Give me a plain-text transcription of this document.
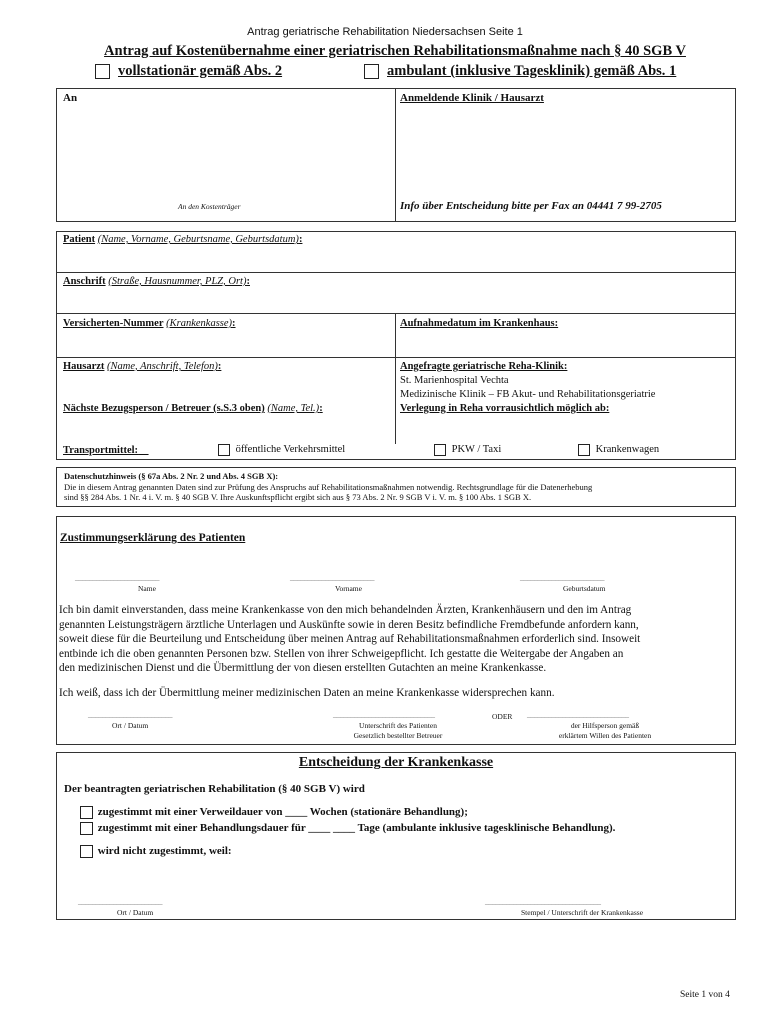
Antrag geriatrische Rehabilitation Niedersachsen Seite 1
Antrag auf Kostenübernahme einer geriatrischen Rehabilitationsmaßnahme nach § 40 SGB V
vollstationär gemäß Abs. 2	ambulant (inklusive Tagesklinik) gemäß Abs. 1
An
An den Kostenträger
Anmeldende Klinik / Hausarzt
Info über Entscheidung bitte per Fax an 04441 7 99-2705
Patient (Name, Vorname, Geburtsname, Geburtsdatum):
Anschrift (Straße, Hausnummer, PLZ, Ort):
Versicherten-Nummer (Krankenkasse):	Aufnahmedatum im Krankenhaus:
Hausarzt (Name, Anschrift, Telefon):	Angefragte geriatrische Reha-Klinik:
St. Marienhospital Vechta
Medizinische Klinik – FB Akut- und Rehabilitationsgeriatrie
Nächste Bezugsperson / Betreuer (s.S.3 oben) (Name, Tel.):	Verlegung in Reha vorrausichtlich möglich ab:
Transportmittel:	öffentliche Verkehrsmittel	PKW / Taxi	Krankenwagen
Datenschutzhinweis (§ 67a Abs. 2 Nr. 2 und Abs. 4 SGB X):
Die in diesem Antrag genannten Daten sind zur Prüfung des Anspruchs auf Rehabilitationsmaßnahmen notwendig. Rechtsgrundlage für die Datenerhebung
sind §§ 284 Abs. 1 Nr. 4 i. V. m. § 40 SGB V. Ihre Auskunftspflicht ergibt sich aus § 73 Abs. 2 Nr. 9 SGB V i. V. m. § 100 Abs. 1 SGB X.
Zustimmungserklärung des Patienten
________________________
Name
________________________
Vorname
________________________
Geburtsdatum
Ich bin damit einverstanden, dass meine Krankenkasse von den mich behandelnden Ärzten, Krankenhäusern und den im Antrag
genannten Leistungsträgern ärztliche Unterlagen und Auskünfte sowie in deren Besitz befindliche Fremdbefunde anfordern kann,
soweit diese für die Beurteilung und Entscheidung über meinen Antrag auf Rehabilitationsmaßnahmen erforderlich sind. Insoweit
entbinde ich die oben genannten Personen bzw. Stellen von ihrer Schweigepflicht. Ich gestatte die Weitergabe der Angaben an
den medizinischen Dienst und die Übermittlung der von diesen erstellten Gutachten an meine Krankenkasse.
Ich weiß, dass ich der Übermittlung meiner medizinischen Daten an meine Krankenkasse widersprechen kann.
________________________
Ort / Datum
_____________________________
Unterschrift des Patienten
Gesetzlich bestellter Betreuer
ODER _____________________________
der Hilfsperson gemäß
erklärtem Willen des Patienten
Entscheidung der Krankenkasse
Der beantragten geriatrischen Rehabilitation (§ 40 SGB V) wird
zugestimmt mit einer Verweildauer von ____ Wochen (stationäre Behandlung);
zugestimmt mit einer Behandlungsdauer für ____ ____ Tage (ambulante inklusive tagesklinische Behandlung).
wird nicht zugestimmt, weil:
________________________
Ort / Datum
_________________________________
Stempel / Unterschrift der Krankenkasse
Seite 1 von 4
